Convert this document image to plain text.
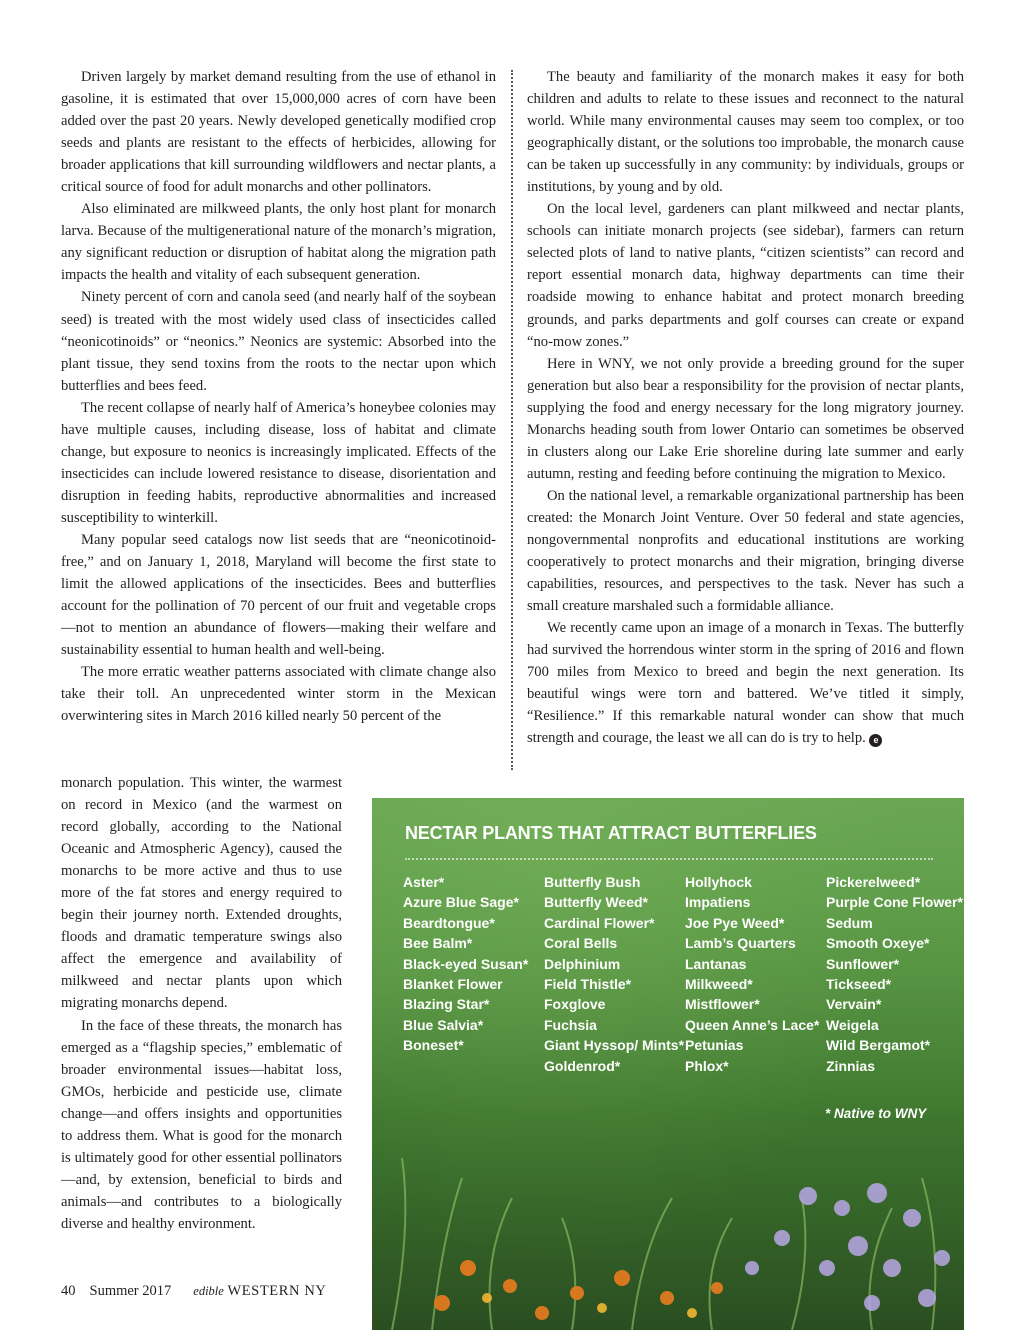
Driven largely by market demand resulting from the use of ethanol in gasoline, it is estimated that over 15,000,000 acres of corn have been added over the past 20 years. Newly developed genetically modified crop seeds and plants are resistant to the effects of herbicides, allowing for broader applications that kill surrounding wildflowers and nectar plants, a critical source of food for adult monarchs and other pollinators.

Also eliminated are milkweed plants, the only host plant for monarch larva. Because of the multigenerational nature of the monarch’s migration, any significant reduction or disruption of habitat along the migration path impacts the health and vitality of each subsequent generation.

Ninety percent of corn and canola seed (and nearly half of the soybean seed) is treated with the most widely used class of insecticides called “neonicotinoids” or “neonics.” Neonics are systemic: Absorbed into the plant tissue, they send toxins from the roots to the nectar upon which butterflies and bees feed.

The recent collapse of nearly half of America’s honeybee colonies may have multiple causes, including disease, loss of habitat and climate change, but exposure to neonics is increasingly implicated. Effects of the insecticides can include lowered resistance to disease, disorientation and disruption in feeding habits, reproductive abnormalities and increased susceptibility to winterkill.

Many popular seed catalogs now list seeds that are “neonicotinoid-free,” and on January 1, 2018, Maryland will become the first state to limit the allowed applications of the insecticides. Bees and butterflies account for the pollination of 70 percent of our fruit and vegetable crops—not to mention an abundance of flowers—making their welfare and sustainability essential to human health and well-being.

The more erratic weather patterns associated with climate change also take their toll. An unprecedented winter storm in the Mexican overwintering sites in March 2016 killed nearly 50 percent of the

monarch population. This winter, the warmest on record in Mexico (and the warmest on record globally, according to the National Oceanic and Atmospheric Agency), caused the monarchs to be more active and thus to use more of the fat stores and energy required to begin their journey north. Extended droughts, floods and dramatic temperature swings also affect the emergence and availability of milkweed and nectar plants upon which migrating monarchs depend.

In the face of these threats, the monarch has emerged as a “flagship species,” emblematic of broader environmental issues—habitat loss, GMOs, herbicide and pesticide use, climate change—and offers insights and opportunities to address them. What is good for the monarch is ultimately good for other essential pollinators—and, by extension, beneficial to birds and animals—and contributes to a biologically diverse and healthy environment.

The beauty and familiarity of the monarch makes it easy for both children and adults to relate to these issues and reconnect to the natural world. While many environmental causes may seem too complex, or too geographically distant, or the solutions too improbable, the monarch cause can be taken up successfully in any community: by individuals, groups or institutions, by young and by old.

On the local level, gardeners can plant milkweed and nectar plants, schools can initiate monarch projects (see sidebar), farmers can return selected plots of land to native plants, “citizen scientists” can record and report essential monarch data, highway departments can time their roadside mowing to enhance habitat and protect monarch breeding grounds, and parks departments and golf courses can create or expand “no-mow zones.”

Here in WNY, we not only provide a breeding ground for the super generation but also bear a responsibility for the provision of nectar plants, supplying the food and energy necessary for the long migratory journey. Monarchs heading south from lower Ontario can sometimes be observed in clusters along our Lake Erie shoreline during late summer and early autumn, resting and feeding before continuing the migration to Mexico.

On the national level, a remarkable organizational partnership has been created: the Monarch Joint Venture. Over 50 federal and state agencies, nongovernmental nonprofits and educational institutions are working cooperatively to protect monarchs and their migration, bringing diverse capabilities, resources, and perspectives to the task. Never has such a small creature marshaled such a formidable alliance.

We recently came upon an image of a monarch in Texas. The butterfly had survived the horrendous winter storm in the spring of 2016 and flown 700 miles from Mexico to breed and begin the next generation. Its beautiful wings were torn and battered. We’ve titled it simply, “Resilience.” If this remarkable natural wonder can show that much strength and courage, the least we all can do is try to help. e

NECTAR PLANTS THAT ATTRACT BUTTERFLIES
Aster*
Azure Blue Sage*
Beardtongue*
Bee Balm*
Black-eyed Susan*
Blanket Flower
Blazing Star*
Blue Salvia*
Boneset*
Butterfly Bush
Butterfly Weed*
Cardinal Flower*
Coral Bells
Delphinium
Field Thistle*
Foxglove
Fuchsia
Giant Hyssop/ Mints*
Goldenrod*
Hollyhock
Impatiens
Joe Pye Weed*
Lamb’s Quarters
Lantanas
Milkweed*
Mistflower*
Queen Anne’s Lace*
Petunias
Phlox*
Pickerelweed*
Purple Cone Flower*
Sedum
Smooth Oxeye*
Sunflower*
Tickseed*
Vervain*
Weigela
Wild Bergamot*
Zinnias
* Native to WNY
40 Summer 2017 edible WESTERN NY
